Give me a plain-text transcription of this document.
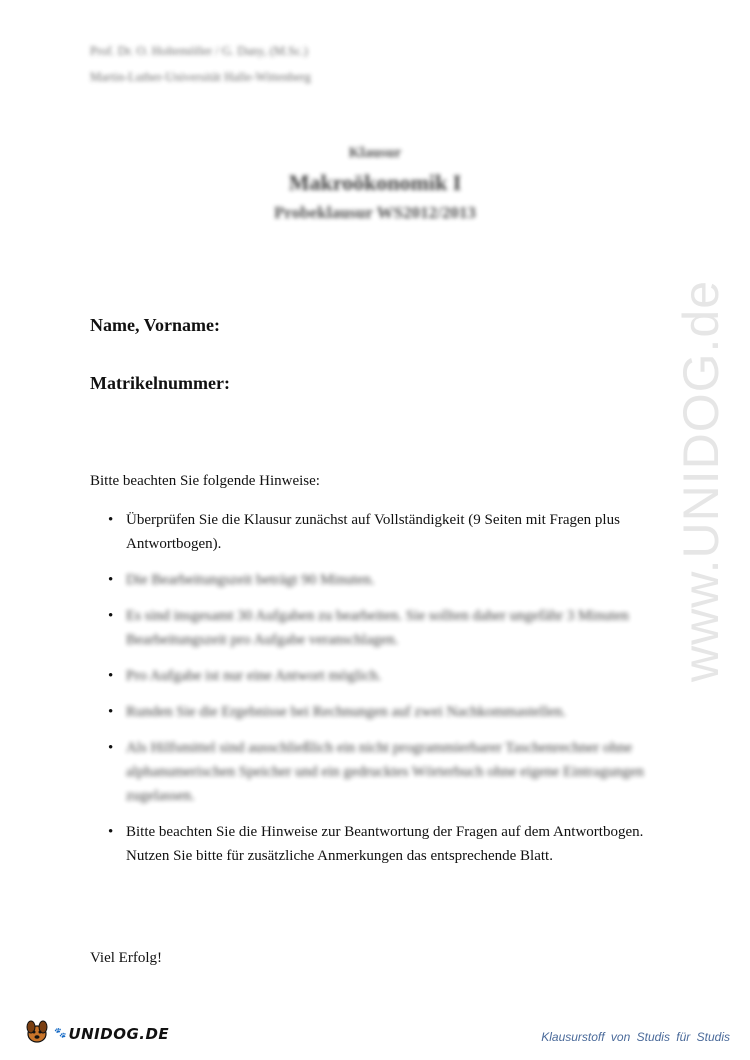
Prof. Dr. O. Holtemöller / G. Dany, (M.Sc.)
Martin-Luther-Universität Halle-Wittenberg
Klausur
Makroökonomik I
Probeklausur WS2012/2013
Name, Vorname:
Matrikelnummer:
Bitte beachten Sie folgende Hinweise:
• Überprüfen Sie die Klausur zunächst auf Vollständigkeit (9 Seiten mit Fragen plus Antwortbogen).
• Die Bearbeitungszeit beträgt 90 Minuten.
• Es sind insgesamt 30 Aufgaben zu bearbeiten. Sie sollten daher ungefähr 3 Minuten Bearbeitungszeit pro Aufgabe veranschlagen.
• Pro Aufgabe ist nur eine Antwort möglich.
• Runden Sie die Ergebnisse bei Rechnungen auf zwei Nachkommastellen.
• Als Hilfsmittel sind ausschließlich ein nicht programmierbarer Taschenrechner ohne alphanumerischen Speicher und ein gedrucktes Wörterbuch ohne eigene Eintragungen zugelassen.
• Bitte beachten Sie die Hinweise zur Beantwortung der Fragen auf dem Antwortbogen. Nutzen Sie bitte für zusätzliche Anmerkungen das entsprechende Blatt.
Viel Erfolg!
www.UNIDOG.de
🐾 UNIDOG.DE	Klausurstoff von Studis für Studis
